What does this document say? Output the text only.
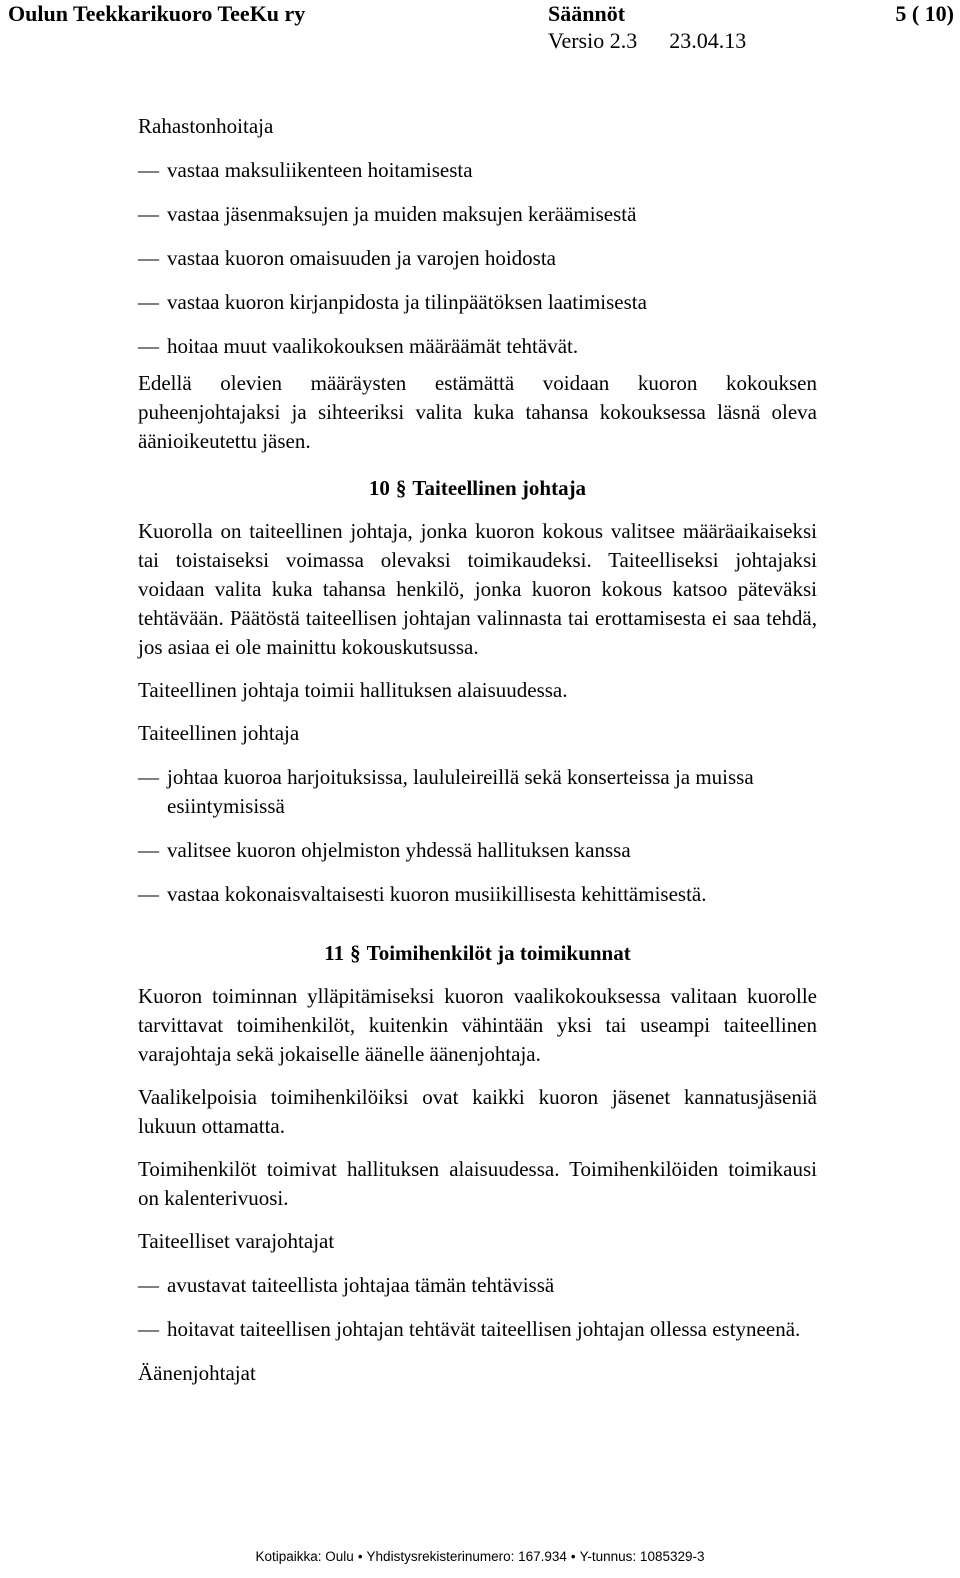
Oulun Teekkarikuoro TeeKu ry	Säännöt	5 ( 10)
Versio 2.3 23.04.13
Rahastonhoitaja
— vastaa maksuliikenteen hoitamisesta
— vastaa jäsenmaksujen ja muiden maksujen keräämisestä
— vastaa kuoron omaisuuden ja varojen hoidosta
— vastaa kuoron kirjanpidosta ja tilinpäätöksen laatimisesta
— hoitaa muut vaalikokouksen määräämät tehtävät.

Edellä olevien määräysten estämättä voidaan kuoron kokouksen puheenjohtajaksi ja sihteeriksi valita kuka tahansa kokouksessa läsnä oleva äänioikeutettu jäsen.

10 § Taiteellinen johtaja

Kuorolla on taiteellinen johtaja, jonka kuoron kokous valitsee määräaikaiseksi tai toistaiseksi voimassa olevaksi toimikaudeksi. Taiteelliseksi johtajaksi voidaan valita kuka tahansa henkilö, jonka kuoron kokous katsoo päteväksi tehtävään. Päätöstä taiteellisen johtajan valinnasta tai erottamisesta ei saa tehdä, jos asiaa ei ole mainittu kokouskutsussa.

Taiteellinen johtaja toimii hallituksen alaisuudessa.

Taiteellinen johtaja
— johtaa kuoroa harjoituksissa, laululeireillä sekä konserteissa ja muissa esiintymisissä
— valitsee kuoron ohjelmiston yhdessä hallituksen kanssa
— vastaa kokonaisvaltaisesti kuoron musiikillisesta kehittämisestä.
11 § Toimihenkilöt ja toimikunnat

Kuoron toiminnan ylläpitämiseksi kuoron vaalikokouksessa valitaan kuorolle tarvittavat toimihenkilöt, kuitenkin vähintään yksi tai useampi taiteellinen varajohtaja sekä jokaiselle äänelle äänenjohtaja.

Vaalikelpoisia toimihenkilöiksi ovat kaikki kuoron jäsenet kannatusjäseniä lukuun ottamatta.

Toimihenkilöt toimivat hallituksen alaisuudessa. Toimihenkilöiden toimikausi on kalenterivuosi.

Taiteelliset varajohtajat
— avustavat taiteellista johtajaa tämän tehtävissä
— hoitavat taiteellisen johtajan tehtävät taiteellisen johtajan ollessa estyneenä.
Äänenjohtajat
Kotipaikka: Oulu • Yhdistysrekisterinumero: 167.934 • Y-tunnus: 1085329-3
